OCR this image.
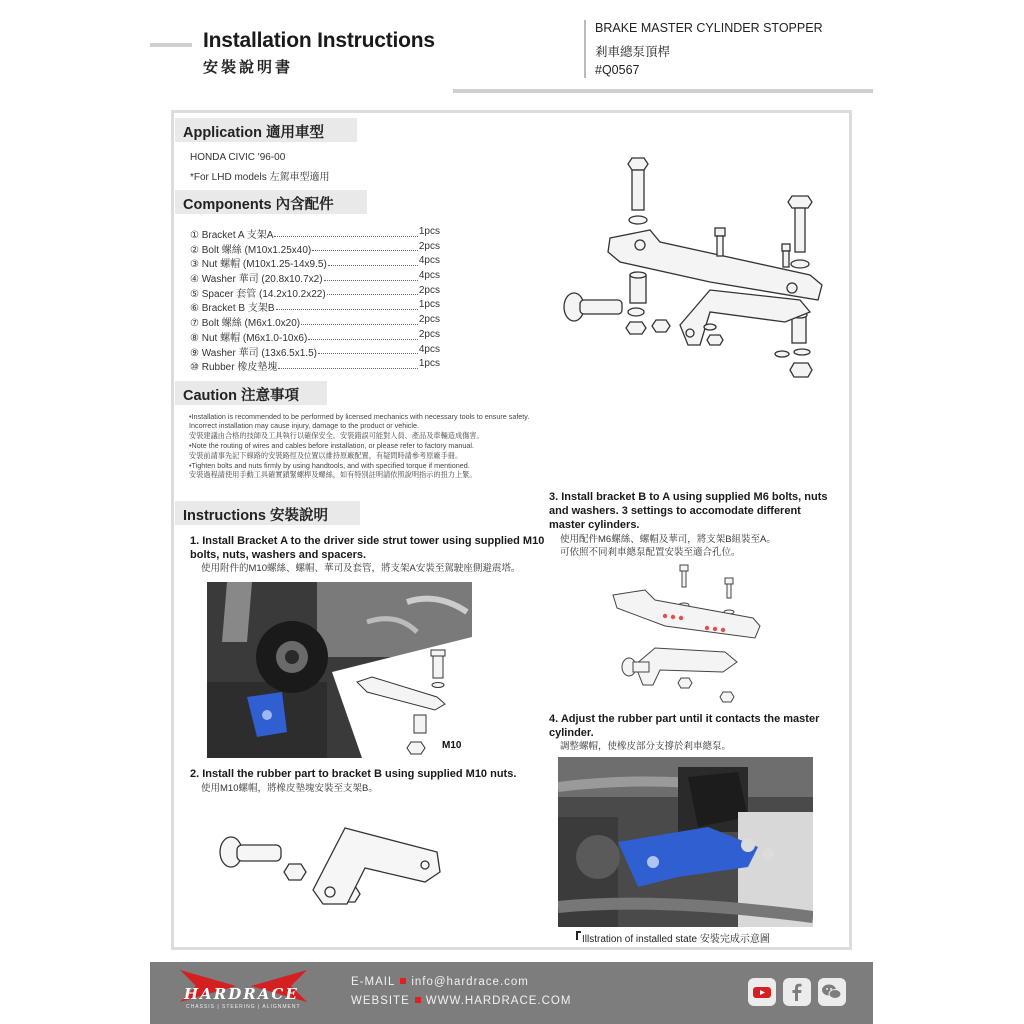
Installation Instructions
安裝說明書
BRAKE MASTER CYLINDER STOPPER
剎車總泵頂桿
#Q0567
Application 適用車型
HONDA CIVIC '96-00
*For LHD models 左駕車型適用
Components 內含配件
① Bracket A 支架A	1pcs
② Bolt 螺絲 (M10x1.25x40)	2pcs
③ Nut 螺帽 (M10x1.25-14x9.5)	4pcs
④ Washer 華司 (20.8x10.7x2)	4pcs
⑤ Spacer 套管 (14.2x10.2x22)	2pcs
⑥ Bracket B 支架B	1pcs
⑦ Bolt 螺絲 (M6x1.0x20)	2pcs
⑧ Nut 螺帽 (M6x1.0-10x6)	2pcs
⑨ Washer 華司 (13x6.5x1.5)	4pcs
⑩ Rubber 橡皮墊塊	1pcs
Caution 注意事項
•Installation is recommended to be performed by licensed mechanics with necessary tools to ensure safety. Incorrect installation may cause injury, damage to the product or vehicle.
安裝建議由合格的技師及工具執行以確保安全。安裝錯誤可能對人員、產品及車輛造成傷害。
•Note the routing of wires and cables before installation, or please refer to factory manual.
安裝前請事先記下線路的安裝路徑及位置以維持原廠配置，有疑問時請參考原廠手冊。
•Tighten bolts and nuts firmly by using handtools, and with specified torque if mentioned.
安裝過程請使用手動工具確實鎖緊螺桿及螺絲，如有特別註明請依照說明指示的扭力上緊。
Instructions 安裝說明
1. Install Bracket A to the driver side strut tower using supplied M10 bolts, nuts, washers and spacers.
使用附件的M10螺絲、螺帽、華司及套管，將支架A安裝至駕駛座側避震塔。
2. Install the rubber part to bracket B using supplied M10 nuts.
使用M10螺帽，將橡皮墊塊安裝至支架B。
3. Install bracket B to A using supplied M6 bolts, nuts and washers. 3 settings to accomodate different master cylinders.
使用配件M6螺絲、螺帽及華司，將支架B組裝至A。可依照不同剎車總泵配置安裝至適合孔位。
4. Adjust the rubber part until it contacts the master cylinder.
調整螺帽，使橡皮部分支撐於剎車總泵。
M10
Illstration of installed state 安裝完成示意圖
HARDRACE
CHASSIS | STEERING | ALIGNMENT
E-MAIL info@hardrace.com
WEBSITE WWW.HARDRACE.COM
